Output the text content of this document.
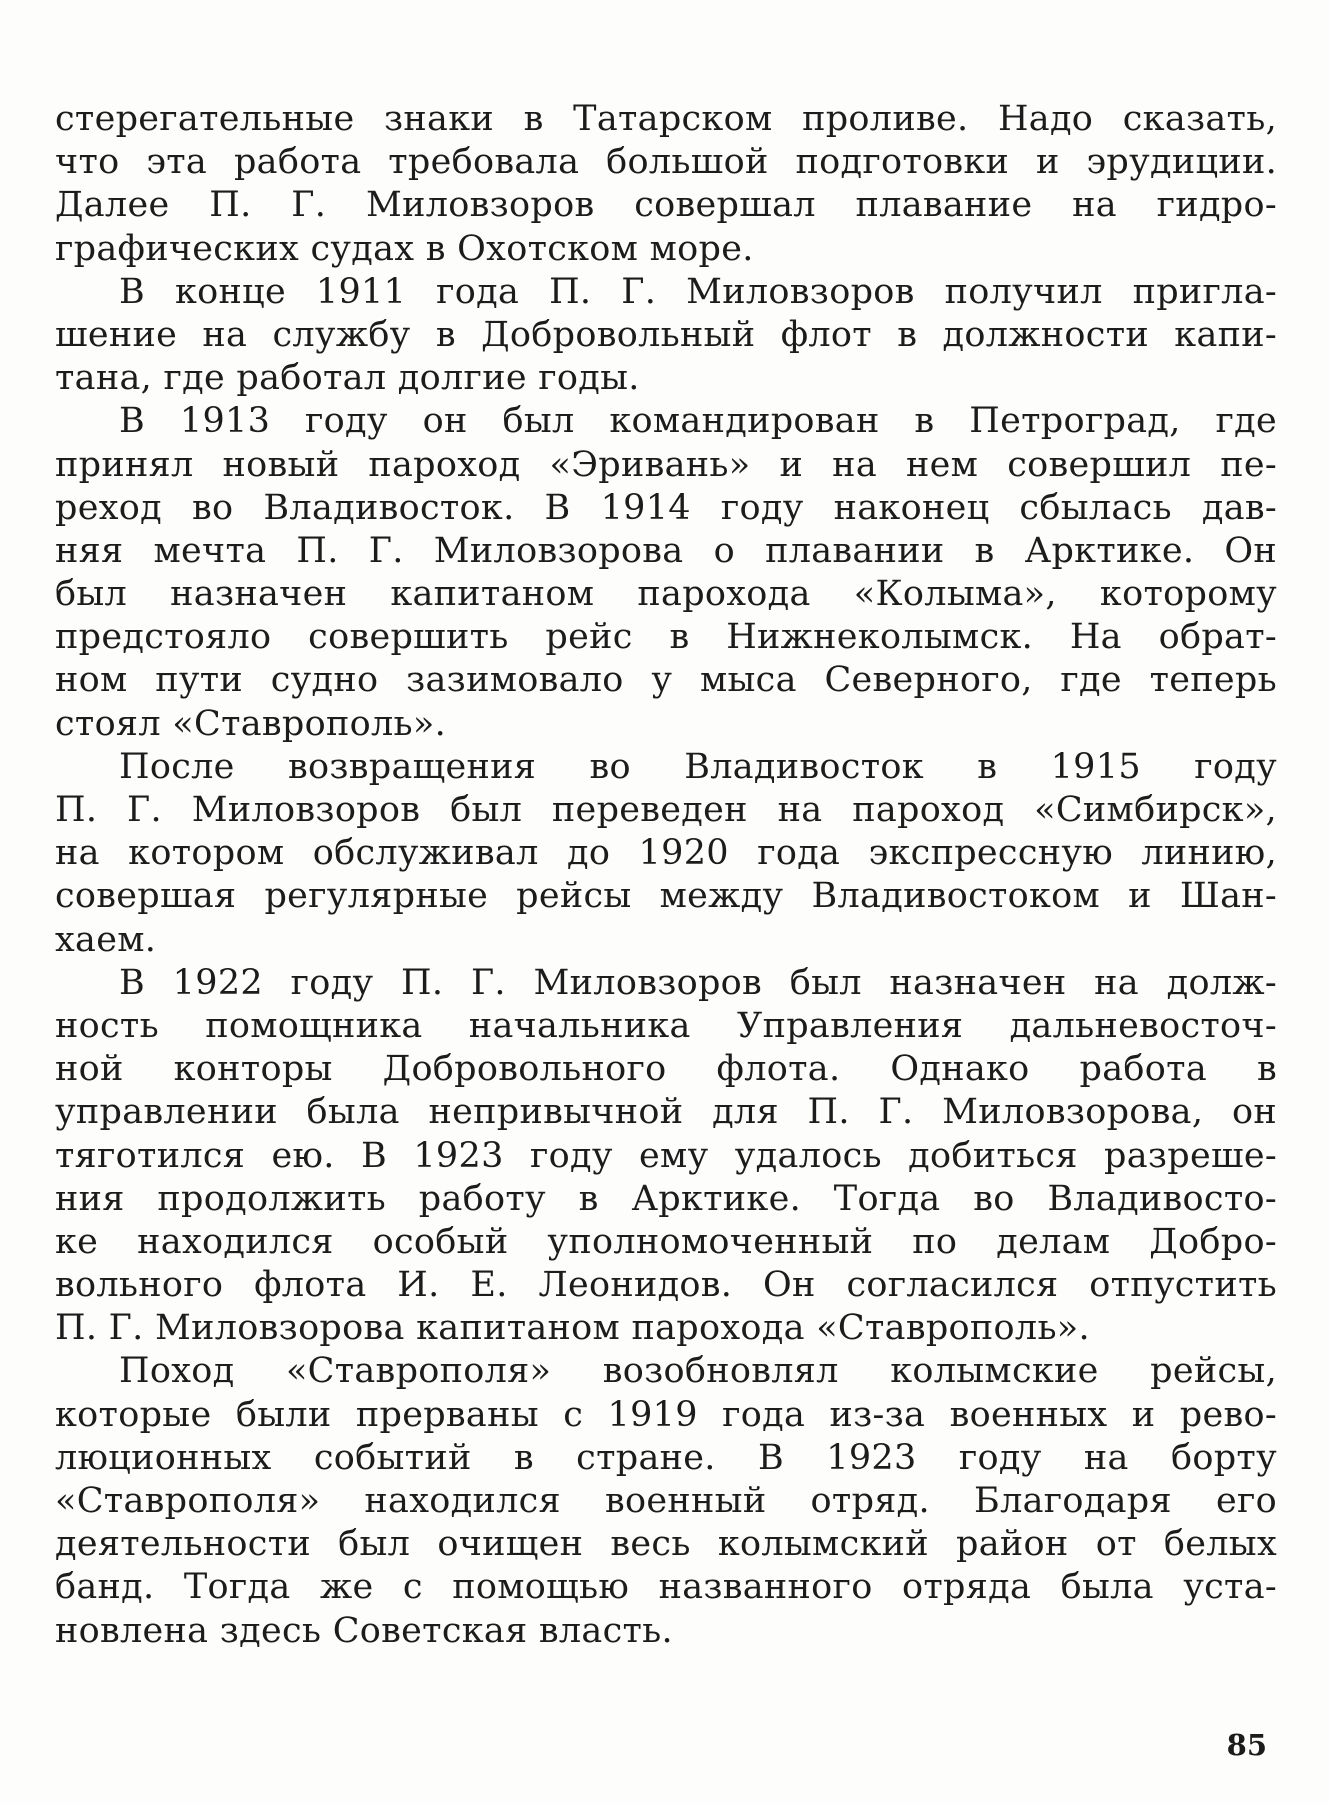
стерегательные знаки в Татарском проливе. Надо сказать,
что эта работа требовала большой подготовки и эрудиции.
Далее П. Г. Миловзоров совершал плавание на гидро-
графических судах в Охотском море.
В конце 1911 года П. Г. Миловзоров получил пригла-
шение на службу в Добровольный флот в должности капи-
тана, где работал долгие годы.
В 1913 году он был командирован в Петроград, где
принял новый пароход «Эривань» и на нем совершил пе-
реход во Владивосток. В 1914 году наконец сбылась дав-
няя мечта П. Г. Миловзорова о плавании в Арктике. Он
был назначен капитаном парохода «Колыма», которому
предстояло совершить рейс в Нижнеколымск. На обрат-
ном пути судно зазимовало у мыса Северного, где теперь
стоял «Ставрополь».
После возвращения во Владивосток в 1915 году
П. Г. Миловзоров был переведен на пароход «Симбирск»,
на котором обслуживал до 1920 года экспрессную линию,
совершая регулярные рейсы между Владивостоком и Шан-
хаем.
В 1922 году П. Г. Миловзоров был назначен на долж-
ность помощника начальника Управления дальневосточ-
ной конторы Добровольного флота. Однако работа в
управлении была непривычной для П. Г. Миловзорова, он
тяготился ею. В 1923 году ему удалось добиться разреше-
ния продолжить работу в Арктике. Тогда во Владивосто-
ке находился особый уполномоченный по делам Добро-
вольного флота И. Е. Леонидов. Он согласился отпустить
П. Г. Миловзорова капитаном парохода «Ставрополь».
Поход «Ставрополя» возобновлял колымские рейсы,
которые были прерваны с 1919 года из-за военных и рево-
люционных событий в стране. В 1923 году на борту
«Ставрополя» находился военный отряд. Благодаря его
деятельности был очищен весь колымский район от белых
банд. Тогда же с помощью названного отряда была уста-
новлена здесь Советская власть.
85
